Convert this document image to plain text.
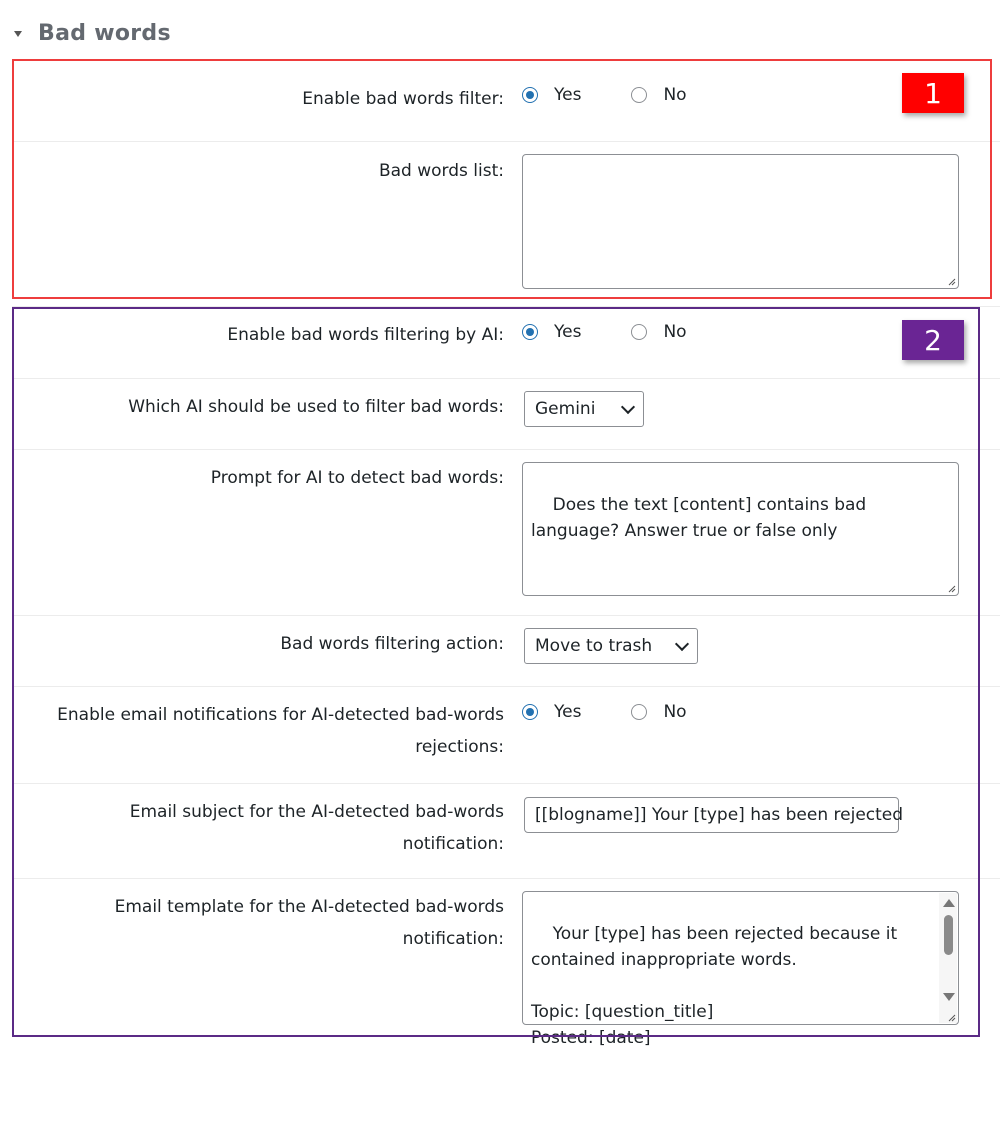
Bad words
Enable bad words filter:	Yes	No
Bad words list:

Enable bad words filtering by AI:	Yes	No
Which AI should be used to filter bad words: Gemini
Prompt for AI to detect bad words:

Does the text [content] contains bad
language? Answer true or false only

Bad words filtering action: Move to trash
Enable email notifications for AI-detected bad-words
rejections:
Yes	No
Email subject for the AI-detected bad-words
notification:
[[blogname]] Your [type] has been rejected
Email template for the AI-detected bad-words
notification:	Your [type] has been rejected because it
contained inappropriate words.

Topic: [question_title]
Posted: [date]

1
2
